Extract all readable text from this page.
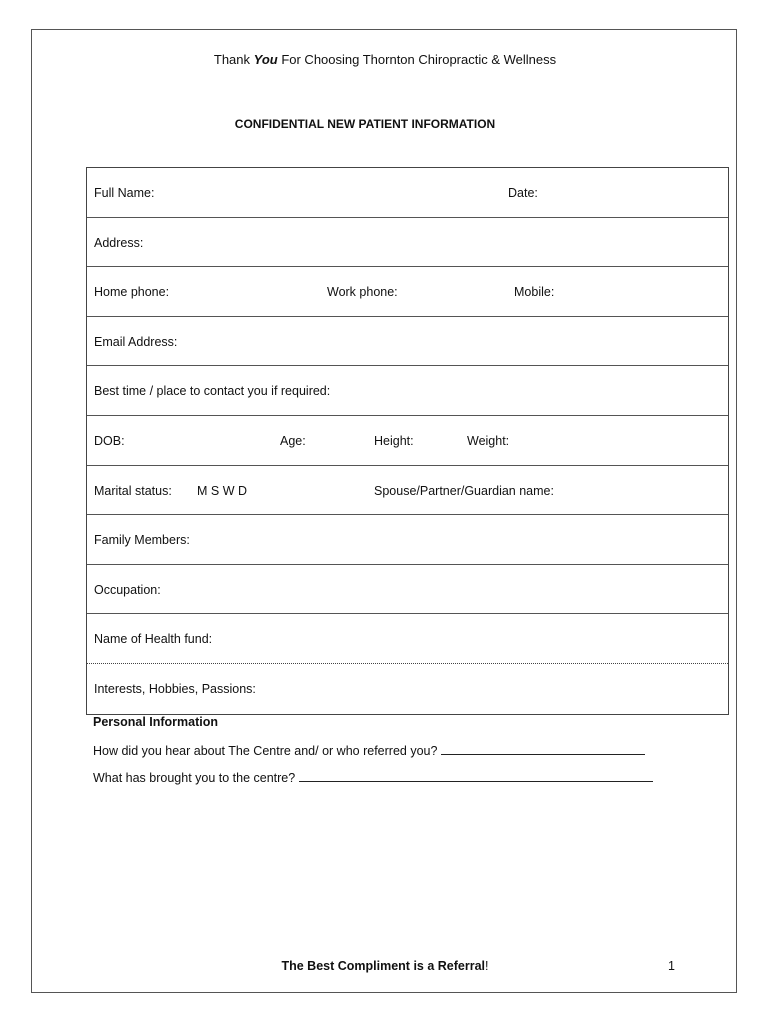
Thank You For Choosing Thornton Chiropractic & Wellness
CONFIDENTIAL NEW PATIENT INFORMATION
Full Name:	Date:
Address:
Home phone:	Work phone:	Mobile:
Email Address:
Best time / place to contact you if required:
DOB:	Age:	Height:	Weight:
Marital status: M S W D	Spouse/Partner/Guardian name:
Family Members:
Occupation:
Name of Health fund:
Interests, Hobbies, Passions:
Personal Information
How did you hear about The Centre and/ or who referred you?
What has brought you to the centre?
The Best Compliment is a Referral!	1
